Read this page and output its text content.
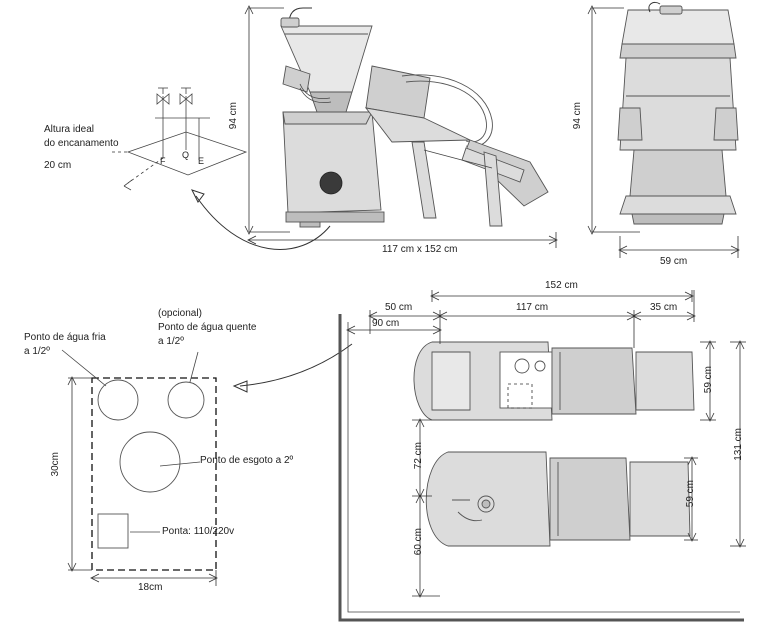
Altura ideal
do encanamento
20 cm	F
Q
E
94 cm
117 cm x 152 cm
94 cm
59 cm
Ponto de água fria
a 1/2º
(opcional)
Ponto de água quente
a 1/2º
Ponto de esgoto a 2º
Ponta: 110/220v
30cm
18cm
152 cm
50 cm	117 cm	35 cm
90 cm
59 cm
59 cm
131 cm
72 cm
60 cm
